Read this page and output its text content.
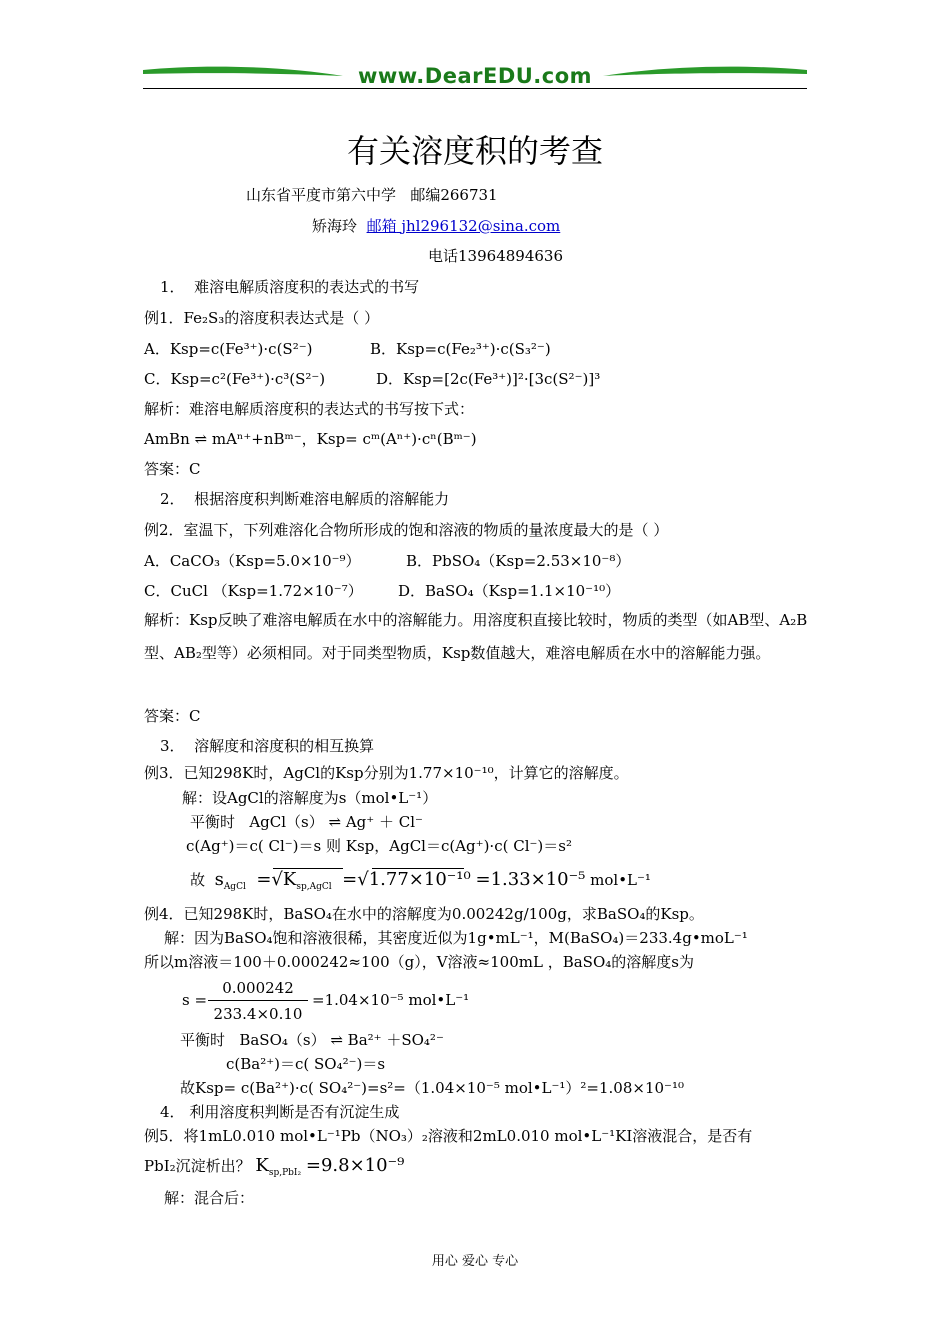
www.DearEDU.com
有关溶度积的考查
山东省平度市第六中学 邮编266731
矫海玲 邮箱 jhl296132@sina.com
电话13964894636
1． 难溶电解质溶度积的表达式的书写
例1．Fe₂S₃的溶度积表达式是（ ）
A．Ksp=c(Fe³⁺)·c(S²⁻)	B．Ksp=c(Fe₂³⁺)·c(S₃²⁻)
C．Ksp=c²(Fe³⁺)·c³(S²⁻)	D．Ksp=[2c(Fe³⁺)]²·[3c(S²⁻)]³
解析：难溶电解质溶度积的表达式的书写按下式：
AmBn ⇌ mAⁿ⁺+nBᵐ⁻，Ksp= cᵐ(Aⁿ⁺)·cⁿ(Bᵐ⁻)
答案：C
2． 根据溶度积判断难溶电解质的溶解能力
例2．室温下，下列难溶化合物所形成的饱和溶液的物质的量浓度最大的是（ ）
A．CaCO₃（Ksp=5.0×10⁻⁹）	B．PbSO₄（Ksp=2.53×10⁻⁸）
C．CuCl （Ksp=1.72×10⁻⁷） D．BaSO₄（Ksp=1.1×10⁻¹⁰）
解析：Ksp反映了难溶电解质在水中的溶解能力。用溶度积直接比较时，物质的类型（如AB型、A₂B型、AB₂型等）必须相同。对于同类型物质，Ksp数值越大，难溶电解质在水中的溶解能力强。
答案：C
3． 溶解度和溶度积的相互换算
例3．已知298K时，AgCl的Ksp分别为1.77×10⁻¹⁰，计算它的溶解度。
解：设AgCl的溶解度为s（mol•L⁻¹）
平衡时 AgCl（s） ⇌ Ag⁺ ＋ Cl⁻
c(Ag⁺)＝c( Cl⁻)＝s 则 Ksp，AgCl＝c(Ag⁺)·c( Cl⁻)＝s²
故 $s_{AgCl} =√K_{sp,AgCl} =√1.77\times 10^{-10} =1.33\times 10^{-5}$ mol•L⁻¹
例4．已知298K时，BaSO₄在水中的溶解度为0.00242g/100g，求BaSO₄的Ksp。
解：因为BaSO₄饱和溶液很稀，其密度近似为1g•mL⁻¹，M(BaSO₄)＝233.4g•moL⁻¹
所以m溶液＝100＋0.000242≈100（g），V溶液≈100mL ，BaSO₄的溶解度s为
s =
0.000242
233.4×0.10
=1.04×10⁻⁵ mol•L⁻¹
平衡时 BaSO₄（s） ⇌ Ba²⁺ ＋SO₄²⁻
c(Ba²⁺)＝c( SO₄²⁻)＝s
故Ksp= c(Ba²⁺)·c( SO₄²⁻)=s²=（1.04×10⁻⁵ mol•L⁻¹）²=1.08×10⁻¹⁰
4． 利用溶度积判断是否有沉淀生成
例5．将1mL0.010 mol•L⁻¹Pb（NO₃）₂溶液和2mL0.010 mol•L⁻¹KI溶液混合，是否有
PbI₂沉淀析出？ $K_{sp,PbI_2} =9.8\times 10^{-9}$
解：混合后：
用心 爱心 专心
